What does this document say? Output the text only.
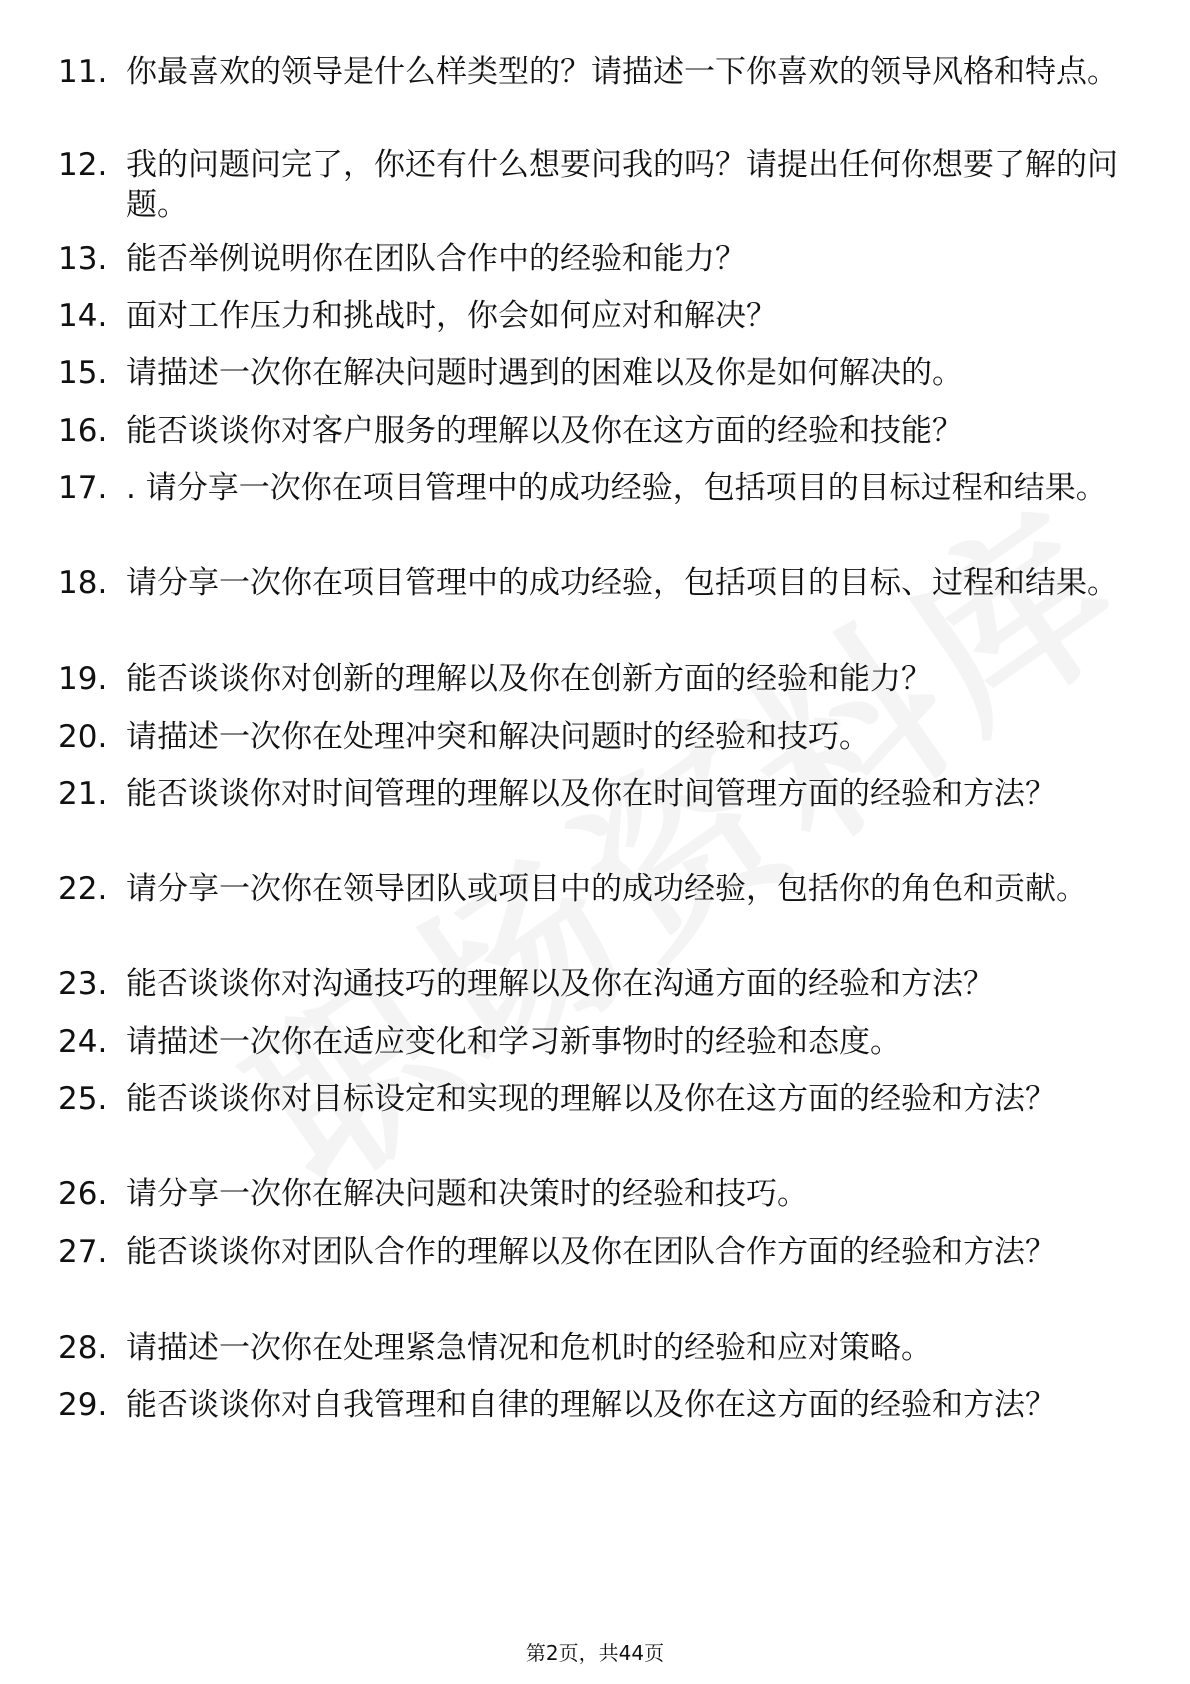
11. 你最喜欢的领导是什么样类型的？请描述一下你喜欢的领导风格和特点。
12. 我的问题问完了，你还有什么想要问我的吗？请提出任何你想要了解的问题。
13. 能否举例说明你在团队合作中的经验和能力？
14. 面对工作压力和挑战时，你会如何应对和解决？
15. 请描述一次你在解决问题时遇到的困难以及你是如何解决的。
16. 能否谈谈你对客户服务的理解以及你在这方面的经验和技能？
17. . 请分享一次你在项目管理中的成功经验，包括项目的目标过程和结果。
18. 请分享一次你在项目管理中的成功经验，包括项目的目标、过程和结果。
19. 能否谈谈你对创新的理解以及你在创新方面的经验和能力？
20. 请描述一次你在处理冲突和解决问题时的经验和技巧。
21. 能否谈谈你对时间管理的理解以及你在时间管理方面的经验和方法？
22. 请分享一次你在领导团队或项目中的成功经验，包括你的角色和贡献。
23. 能否谈谈你对沟通技巧的理解以及你在沟通方面的经验和方法？
24. 请描述一次你在适应变化和学习新事物时的经验和态度。
25. 能否谈谈你对目标设定和实现的理解以及你在这方面的经验和方法？
26. 请分享一次你在解决问题和决策时的经验和技巧。
27. 能否谈谈你对团队合作的理解以及你在团队合作方面的经验和方法？
28. 请描述一次你在处理紧急情况和危机时的经验和应对策略。
29. 能否谈谈你对自我管理和自律的理解以及你在这方面的经验和方法？
第2页，共44页
